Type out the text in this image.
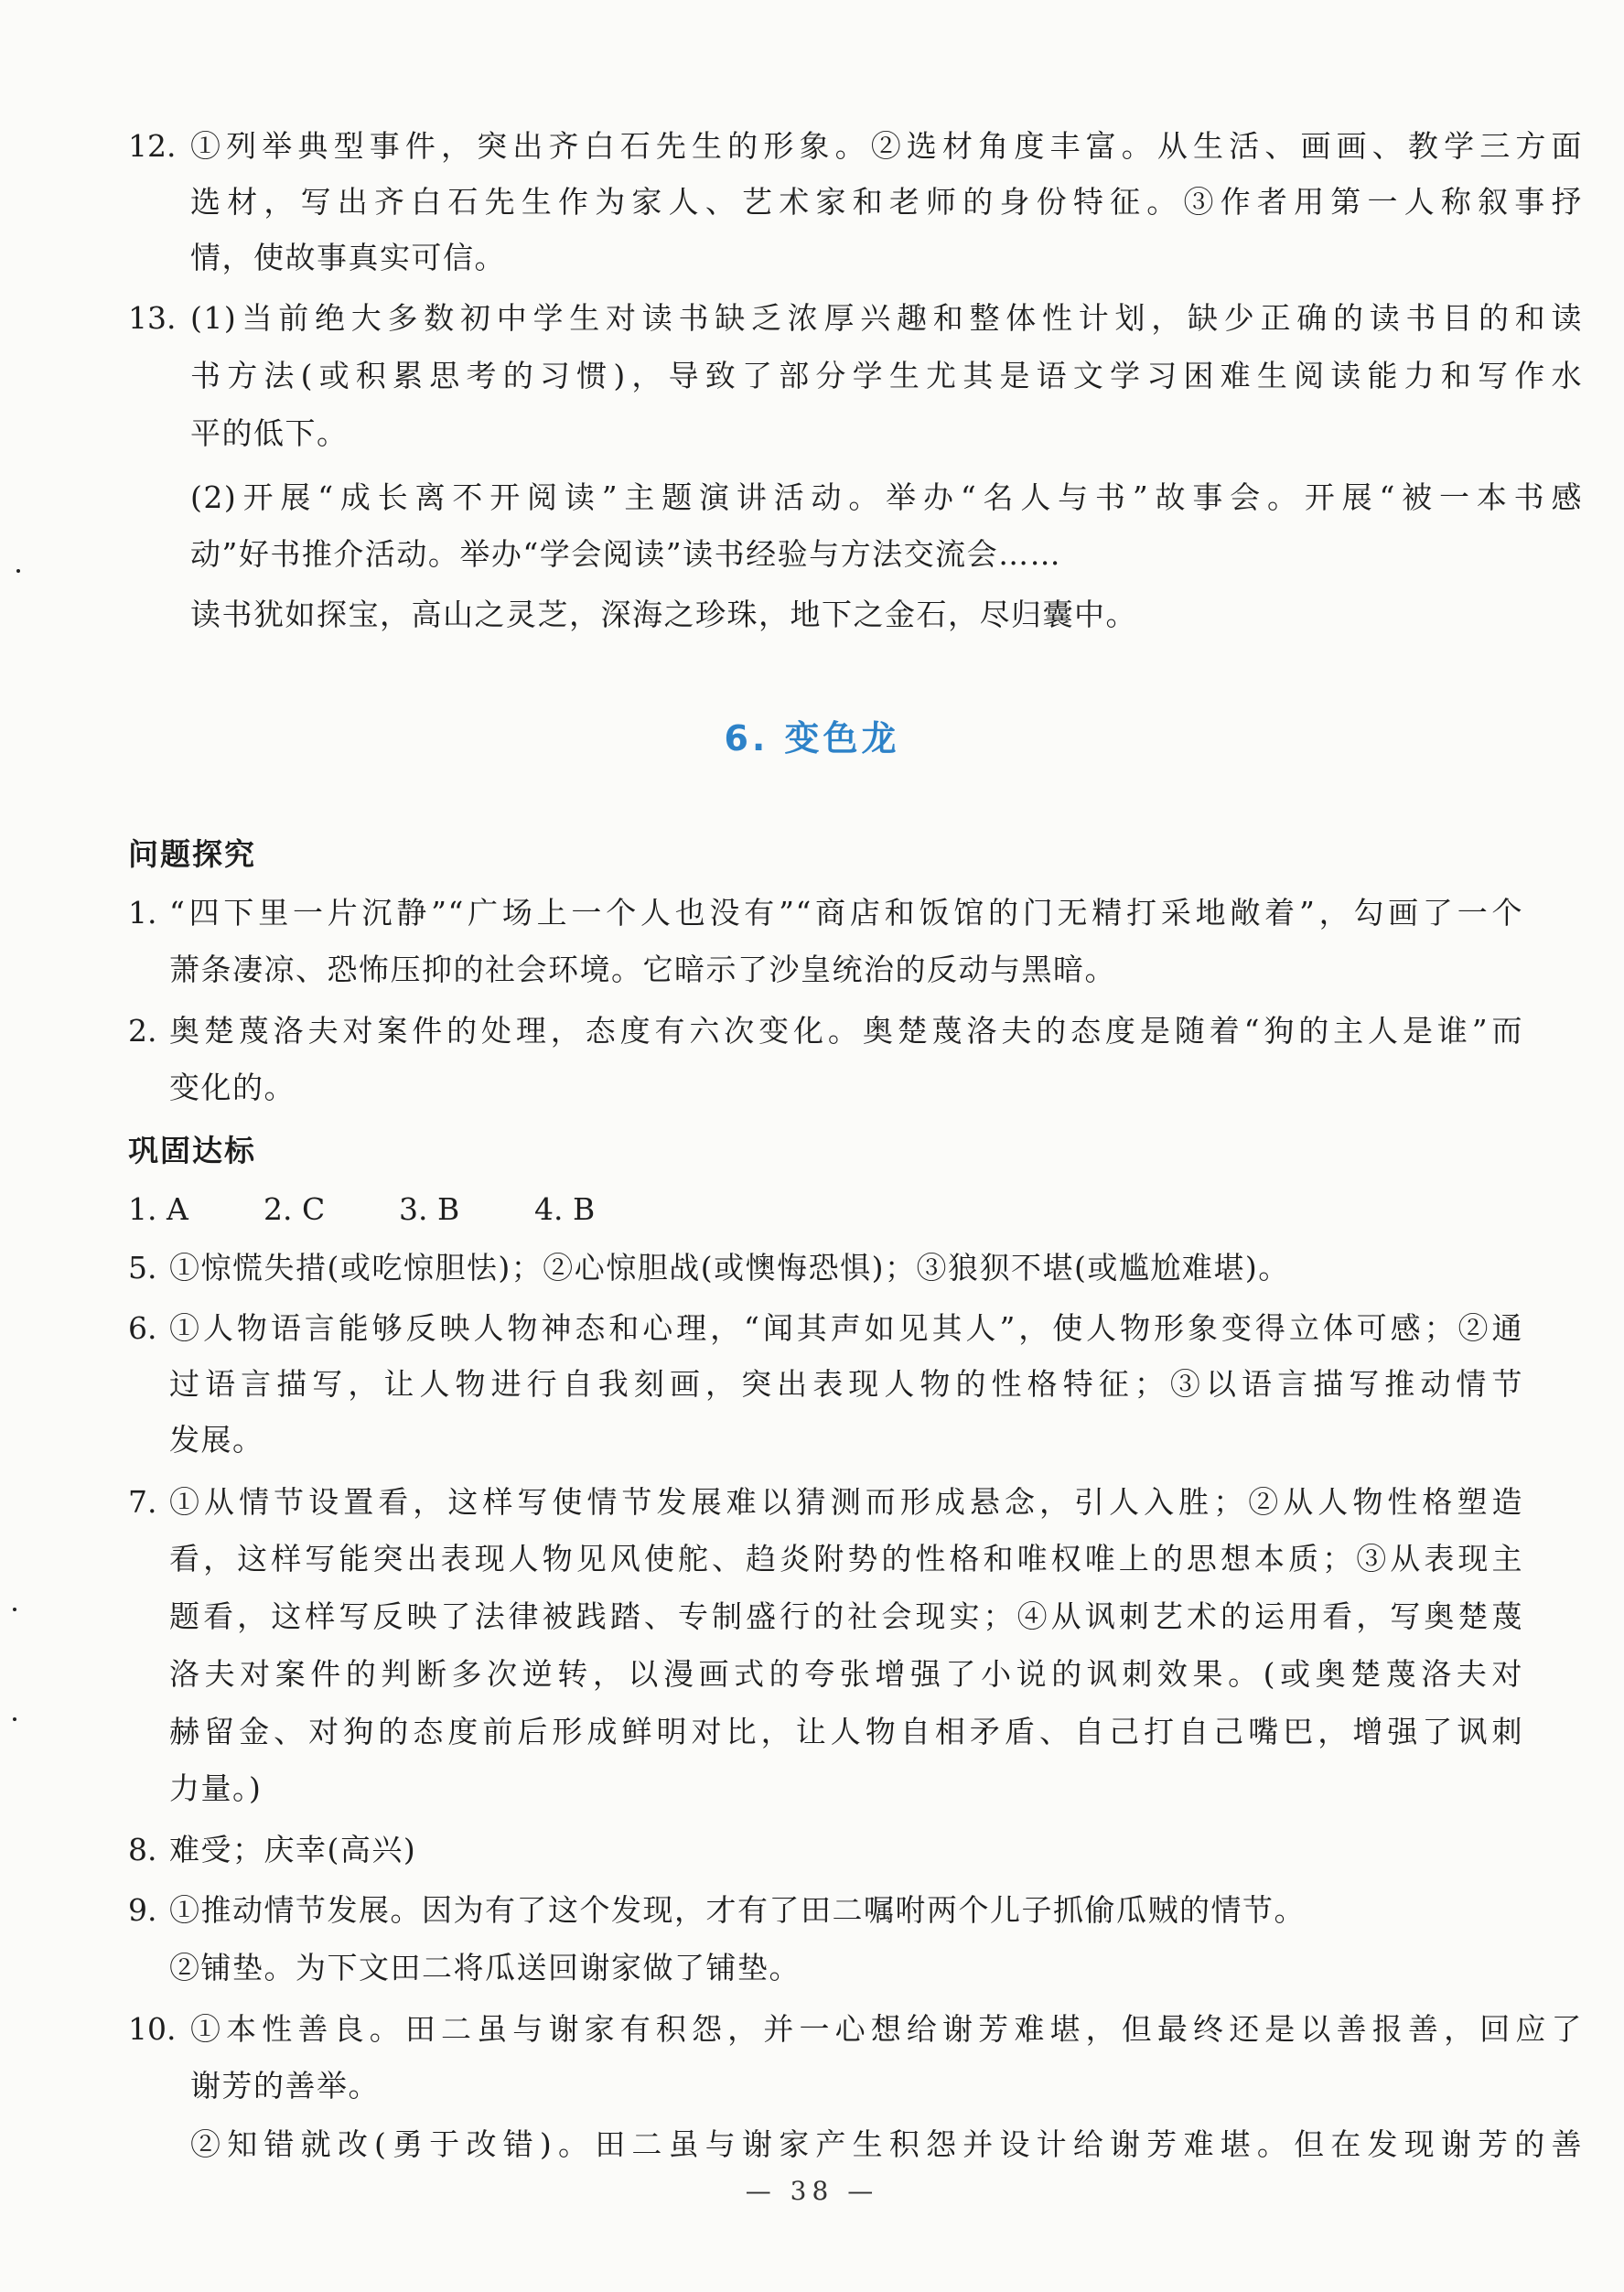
12. ①列举典型事件，突出齐白石先生的形象。②选材角度丰富。从生活、画画、教学三方面
选材，写出齐白石先生作为家人、艺术家和老师的身份特征。③作者用第一人称叙事抒
情，使故事真实可信。
13. (1)当前绝大多数初中学生对读书缺乏浓厚兴趣和整体性计划，缺少正确的读书目的和读
书方法(或积累思考的习惯)，导致了部分学生尤其是语文学习困难生阅读能力和写作水
平的低下。
(2)开展“成长离不开阅读”主题演讲活动。举办“名人与书”故事会。开展“被一本书感
动”好书推介活动。举办“学会阅读”读书经验与方法交流会……
读书犹如探宝，高山之灵芝，深海之珍珠，地下之金石，尽归囊中。
6. 变色龙
问题探究
1. “四下里一片沉静”“广场上一个人也没有”“商店和饭馆的门无精打采地敞着”，勾画了一个
萧条凄凉、恐怖压抑的社会环境。它暗示了沙皇统治的反动与黑暗。
2. 奥楚蔑洛夫对案件的处理，态度有六次变化。奥楚蔑洛夫的态度是随着“狗的主人是谁”而
变化的。
巩固达标
1. A 2. C 3. B 4. B
5. ①惊慌失措(或吃惊胆怯)；②心惊胆战(或懊悔恐惧)；③狼狈不堪(或尴尬难堪)。
6. ①人物语言能够反映人物神态和心理，“闻其声如见其人”，使人物形象变得立体可感；②通
过语言描写，让人物进行自我刻画，突出表现人物的性格特征；③以语言描写推动情节
发展。
7. ①从情节设置看，这样写使情节发展难以猜测而形成悬念，引人入胜；②从人物性格塑造
看，这样写能突出表现人物见风使舵、趋炎附势的性格和唯权唯上的思想本质；③从表现主
题看，这样写反映了法律被践踏、专制盛行的社会现实；④从讽刺艺术的运用看，写奥楚蔑
洛夫对案件的判断多次逆转，以漫画式的夸张增强了小说的讽刺效果。(或奥楚蔑洛夫对
赫留金、对狗的态度前后形成鲜明对比，让人物自相矛盾、自己打自己嘴巴，增强了讽刺
力量。)
8. 难受；庆幸(高兴)
9. ①推动情节发展。因为有了这个发现，才有了田二嘱咐两个儿子抓偷瓜贼的情节。
②铺垫。为下文田二将瓜送回谢家做了铺垫。
10. ①本性善良。田二虽与谢家有积怨，并一心想给谢芳难堪，但最终还是以善报善，回应了
谢芳的善举。
②知错就改(勇于改错)。田二虽与谢家产生积怨并设计给谢芳难堪。但在发现谢芳的善
— 38 —
